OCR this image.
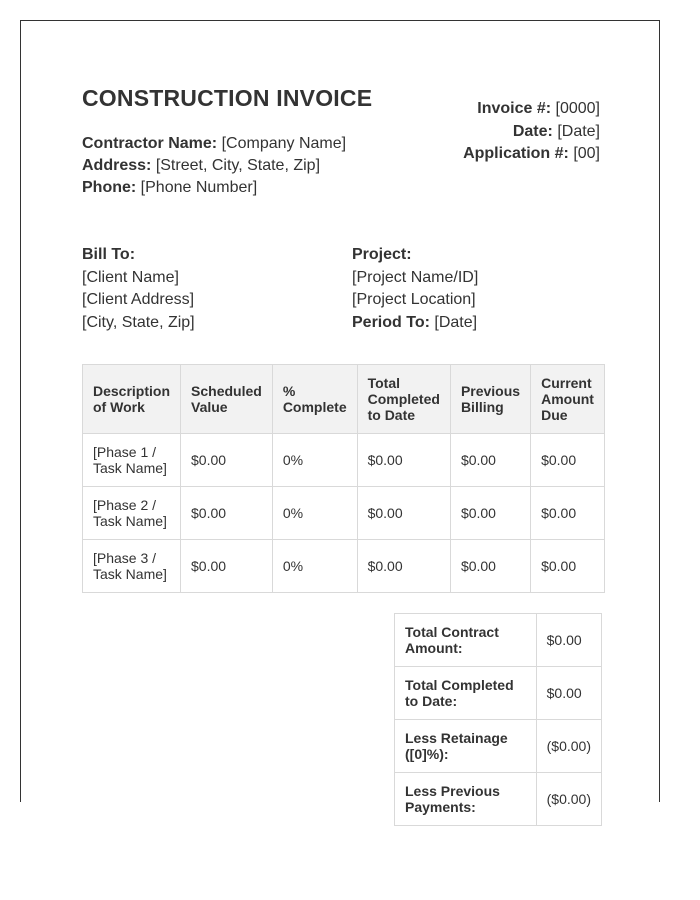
CONSTRUCTION INVOICE
Contractor Name: [Company Name]
Address: [Street, City, State, Zip]
Phone: [Phone Number]
Invoice #: [0000]
Date: [Date]
Application #: [00]
Bill To:
[Client Name]
[Client Address]
[City, State, Zip]
Project:
[Project Name/ID]
[Project Location]
Period To: [Date]
Description of Work	Scheduled Value	% Complete	Total Completed to Date	Previous Billing	Current Amount Due
[Phase 1 / Task Name]	$0.00	0%	$0.00	$0.00	$0.00
[Phase 2 / Task Name]	$0.00	0%	$0.00	$0.00	$0.00
[Phase 3 / Task Name]	$0.00	0%	$0.00	$0.00	$0.00
Total Contract Amount:	$0.00
Total Completed to Date:	$0.00
Less Retainage ([0]%):	($0.00)
Less Previous Payments:	($0.00)
